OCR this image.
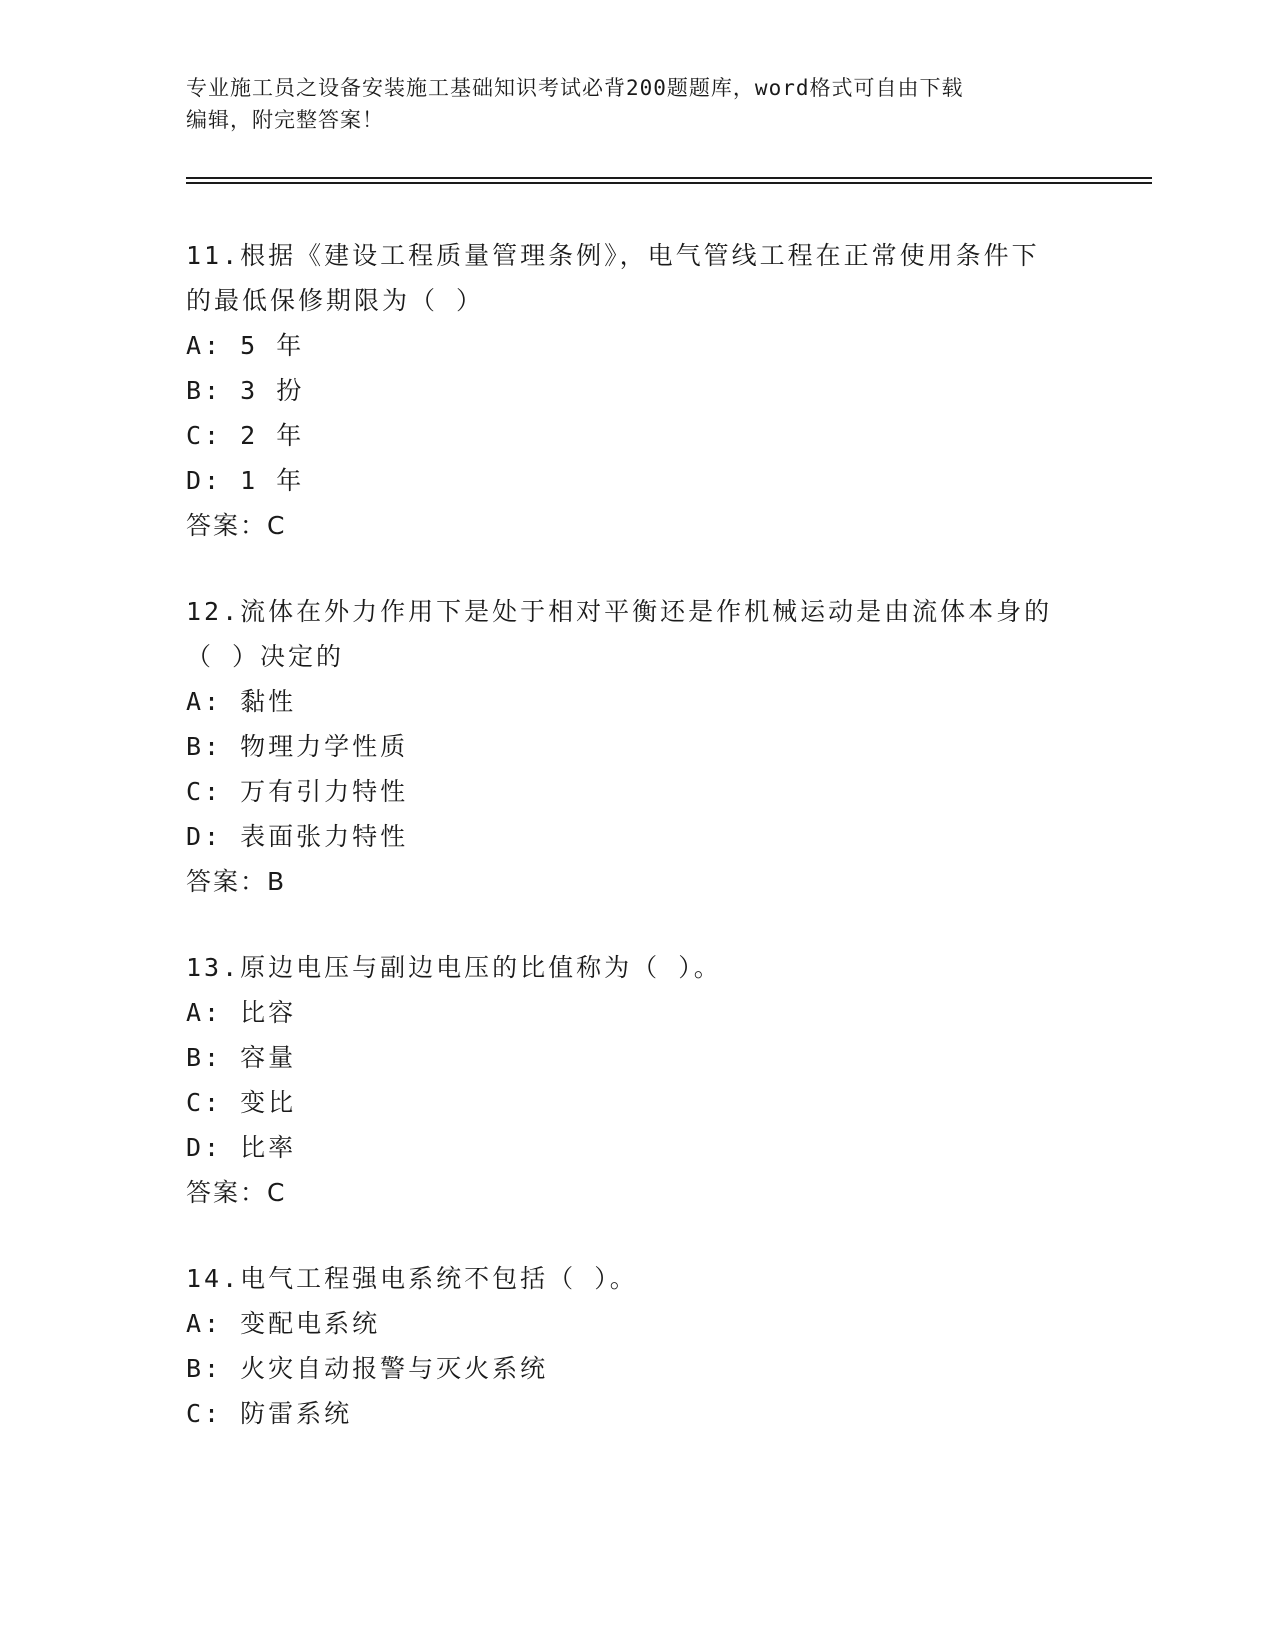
专业施工员之设备安装施工基础知识考试必背200题题库，word格式可自由下载
编辑，附完整答案！

11.根据《建设工程质量管理条例》，电气管线工程在正常使用条件下

的最低保修期限为（ ）

A: 5 年

B: 3 扮

C: 2 年

D: 1 年

答案：C

12.流体在外力作用下是处于相对平衡还是作机械运动是由流体本身的

（ ）决定的

A: 黏性

B: 物理力学性质

C: 万有引力特性

D: 表面张力特性

答案：B

13.原边电压与副边电压的比值称为（ ）。

A: 比容

B: 容量

C: 变比

D: 比率

答案：C

14.电气工程强电系统不包括（ ）。

A: 变配电系统

B: 火灾自动报警与灭火系统

C: 防雷系统
